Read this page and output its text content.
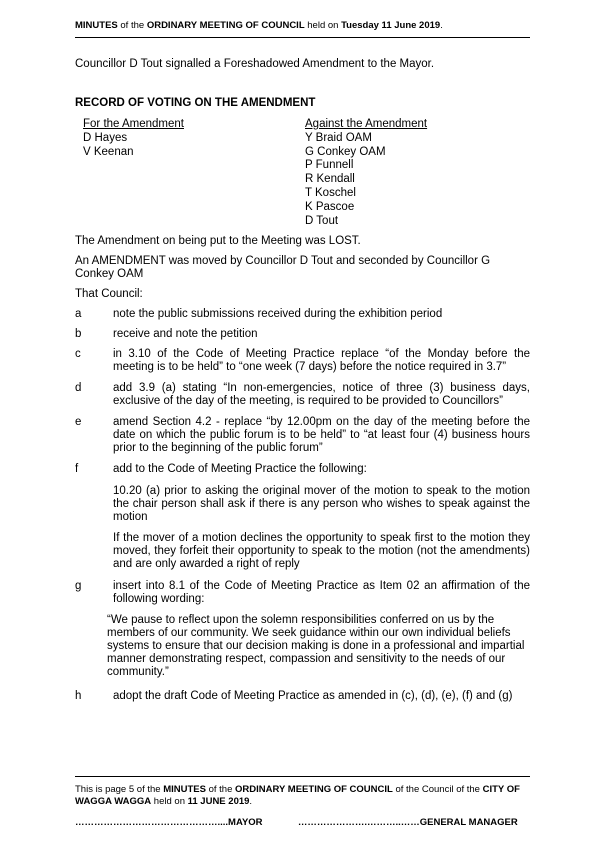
MINUTES of the ORDINARY MEETING OF COUNCIL held on Tuesday 11 June 2019.
Councillor D Tout signalled a Foreshadowed Amendment to the Mayor.
RECORD OF VOTING ON THE AMENDMENT
For the Amendment
D Hayes
V Keenan
Against the Amendment
Y Braid OAM
G Conkey OAM
P Funnell
R Kendall
T Koschel
K Pascoe
D Tout
The Amendment on being put to the Meeting was LOST.
An AMENDMENT was moved by Councillor D Tout and seconded by Councillor G Conkey OAM
That Council:
a	note the public submissions received during the exhibition period
b	receive and note the petition
c	in 3.10 of the Code of Meeting Practice replace “of the Monday before the meeting is to be held” to “one week (7 days) before the notice required in 3.7”
d	add 3.9 (a) stating “In non-emergencies, notice of three (3) business days, exclusive of the day of the meeting, is required to be provided to Councillors”
e	amend Section 4.2 - replace “by 12.00pm on the day of the meeting before the date on which the public forum is to be held” to “at least four (4) business hours prior to the beginning of the public forum”
f	add to the Code of Meeting Practice the following:
10.20 (a) prior to asking the original mover of the motion to speak to the motion the chair person shall ask if there is any person who wishes to speak against the motion
If the mover of a motion declines the opportunity to speak first to the motion they moved, they forfeit their opportunity to speak to the motion (not the amendments) and are only awarded a right of reply
g	insert into 8.1 of the Code of Meeting Practice as Item 02 an affirmation of the following wording:
“We pause to reflect upon the solemn responsibilities conferred on us by the members of our community. We seek guidance within our own individual beliefs systems to ensure that our decision making is done in a professional and impartial manner demonstrating respect, compassion and sensitivity to the needs of our community.”
h	adopt the draft Code of Meeting Practice as amended in (c), (d), (e), (f) and (g)
This is page 5 of the MINUTES of the ORDINARY MEETING OF COUNCIL of the Council of the CITY OF WAGGA WAGGA held on 11 JUNE 2019.
………………………………………....MAYOR	………………….………..……GENERAL MANAGER
